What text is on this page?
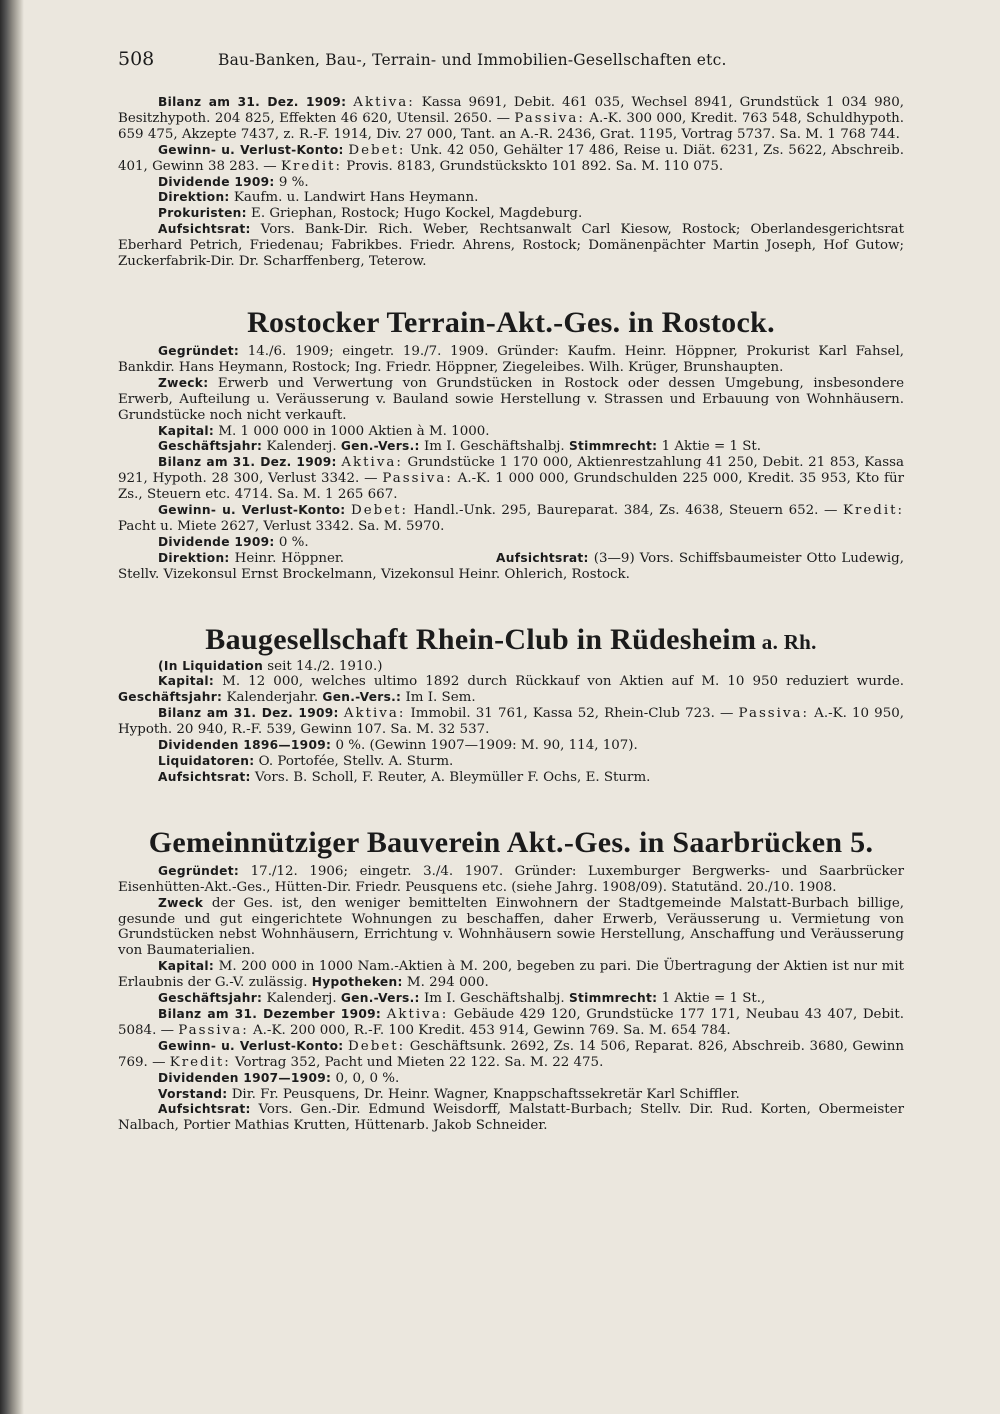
508	Bau-Banken, Bau-, Terrain- und Immobilien-Gesellschaften etc.

Bilanz am 31. Dez. 1909: Aktiva: Kassa 9691, Debit. 461 035, Wechsel 8941, Grundstück 1 034 980, Besitzhypoth. 204 825, Effekten 46 620, Utensil. 2650. — Passiva: A.-K. 300 000, Kredit. 763 548, Schuldhypoth. 659 475, Akzepte 7437, z. R.-F. 1914, Div. 27 000, Tant. an A.-R. 2436, Grat. 1195, Vortrag 5737. Sa. M. 1 768 744.

Gewinn- u. Verlust-Konto: Debet: Unk. 42 050, Gehälter 17 486, Reise u. Diät. 6231, Zs. 5622, Abschreib. 401, Gewinn 38 283. — Kredit: Provis. 8183, Grundstückskto 101 892. Sa. M. 110 075.

Dividende 1909: 9 %.

Direktion: Kaufm. u. Landwirt Hans Heymann.

Prokuristen: E. Griephan, Rostock; Hugo Kockel, Magdeburg.

Aufsichtsrat: Vors. Bank-Dir. Rich. Weber, Rechtsanwalt Carl Kiesow, Rostock; Oberlandesgerichtsrat Eberhard Petrich, Friedenau; Fabrikbes. Friedr. Ahrens, Rostock; Domänenpächter Martin Joseph, Hof Gutow; Zuckerfabrik-Dir. Dr. Scharffenberg, Teterow.

Rostocker Terrain-Akt.-Ges. in Rostock.

Gegründet: 14./6. 1909; eingetr. 19./7. 1909. Gründer: Kaufm. Heinr. Höppner, Prokurist Karl Fahsel, Bankdir. Hans Heymann, Rostock; Ing. Friedr. Höppner, Ziegeleibes. Wilh. Krüger, Brunshaupten.

Zweck: Erwerb und Verwertung von Grundstücken in Rostock oder dessen Umgebung, insbesondere Erwerb, Aufteilung u. Veräusserung v. Bauland sowie Herstellung v. Strassen und Erbauung von Wohnhäusern. Grundstücke noch nicht verkauft.

Kapital: M. 1 000 000 in 1000 Aktien à M. 1000.

Geschäftsjahr: Kalenderj. Gen.-Vers.: Im I. Geschäftshalbj. Stimmrecht: 1 Aktie = 1 St.

Bilanz am 31. Dez. 1909: Aktiva: Grundstücke 1 170 000, Aktienrestzahlung 41 250, Debit. 21 853, Kassa 921, Hypoth. 28 300, Verlust 3342. — Passiva: A.-K. 1 000 000, Grundschulden 225 000, Kredit. 35 953, Kto für Zs., Steuern etc. 4714. Sa. M. 1 265 667.

Gewinn- u. Verlust-Konto: Debet: Handl.-Unk. 295, Baureparat. 384, Zs. 4638, Steuern 652. — Kredit: Pacht u. Miete 2627, Verlust 3342. Sa. M. 5970.

Dividende 1909: 0 %.

Direktion: Heinr. Höppner.	Aufsichtsrat: (3—9) Vors. Schiffsbaumeister Otto Ludewig, Stellv. Vizekonsul Ernst Brockelmann, Vizekonsul Heinr. Ohlerich, Rostock.

Baugesellschaft Rhein-Club in Rüdesheim a. Rh.

(In Liquidation seit 14./2. 1910.)

Kapital: M. 12 000, welches ultimo 1892 durch Rückkauf von Aktien auf M. 10 950 reduziert wurde. Geschäftsjahr: Kalenderjahr. Gen.-Vers.: Im I. Sem.

Bilanz am 31. Dez. 1909: Aktiva: Immobil. 31 761, Kassa 52, Rhein-Club 723. — Passiva: A.-K. 10 950, Hypoth. 20 940, R.-F. 539, Gewinn 107. Sa. M. 32 537.

Dividenden 1896—1909: 0 %. (Gewinn 1907—1909: M. 90, 114, 107).

Liquidatoren: O. Portofée, Stellv. A. Sturm.

Aufsichtsrat: Vors. B. Scholl, F. Reuter, A. Bleymüller F. Ochs, E. Sturm.

Gemeinnütziger Bauverein Akt.-Ges. in Saarbrücken 5.

Gegründet: 17./12. 1906; eingetr. 3./4. 1907. Gründer: Luxemburger Bergwerks- und Saarbrücker Eisenhütten-Akt.-Ges., Hütten-Dir. Friedr. Peusquens etc. (siehe Jahrg. 1908/09). Statutänd. 20./10. 1908.

Zweck der Ges. ist, den weniger bemittelten Einwohnern der Stadtgemeinde Malstatt-Burbach billige, gesunde und gut eingerichtete Wohnungen zu beschaffen, daher Erwerb, Veräusserung u. Vermietung von Grundstücken nebst Wohnhäusern, Errichtung v. Wohnhäusern sowie Herstellung, Anschaffung und Veräusserung von Baumaterialien.

Kapital: M. 200 000 in 1000 Nam.-Aktien à M. 200, begeben zu pari. Die Übertragung der Aktien ist nur mit Erlaubnis der G.-V. zulässig. Hypotheken: M. 294 000.

Geschäftsjahr: Kalenderj. Gen.-Vers.: Im I. Geschäftshalbj. Stimmrecht: 1 Aktie = 1 St.,

Bilanz am 31. Dezember 1909: Aktiva: Gebäude 429 120, Grundstücke 177 171, Neubau 43 407, Debit. 5084. — Passiva: A.-K. 200 000, R.-F. 100 Kredit. 453 914, Gewinn 769. Sa. M. 654 784.

Gewinn- u. Verlust-Konto: Debet: Geschäftsunk. 2692, Zs. 14 506, Reparat. 826, Abschreib. 3680, Gewinn 769. — Kredit: Vortrag 352, Pacht und Mieten 22 122. Sa. M. 22 475.

Dividenden 1907—1909: 0, 0, 0 %.

Vorstand: Dir. Fr. Peusquens, Dr. Heinr. Wagner, Knappschaftssekretär Karl Schiffler.

Aufsichtsrat: Vors. Gen.-Dir. Edmund Weisdorff, Malstatt-Burbach; Stellv. Dir. Rud. Korten, Obermeister Nalbach, Portier Mathias Krutten, Hüttenarb. Jakob Schneider.
